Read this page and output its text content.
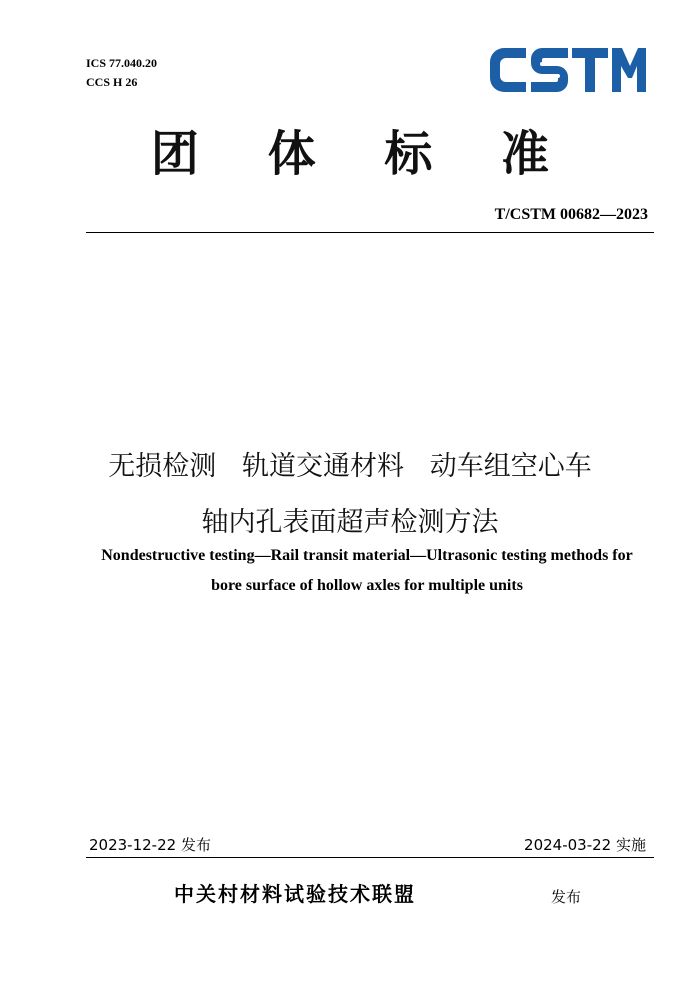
ICS 77.040.20
CCS H 26
团 体 标 准
T/CSTM 00682—2023
无损检测   轨道交通材料   动车组空心车
轴内孔表面超声检测方法
Nondestructive testing—Rail transit material—Ultrasonic testing methods for
bore surface of hollow axles for multiple units
2023-12-22 发布	2024-03-22 实施
中关村材料试验技术联盟	发布
